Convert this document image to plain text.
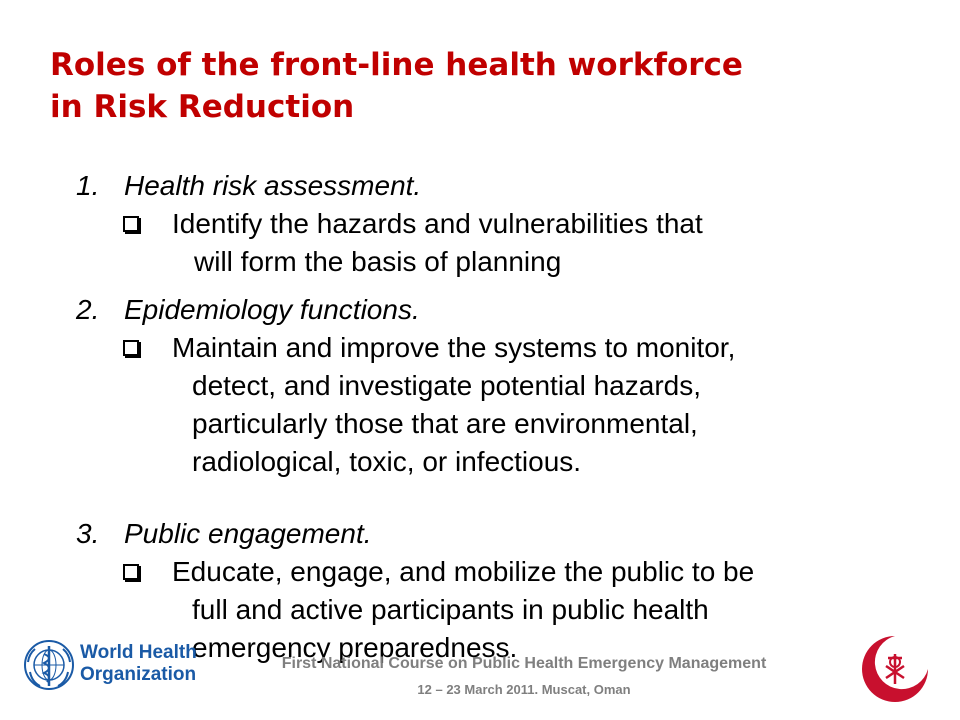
Roles of the front-line health workforce
in Risk Reduction
1. Health risk assessment.
Identify the hazards and vulnerabilities that
will form the basis of planning
2. Epidemiology functions.
Maintain and improve the systems to monitor,
detect, and investigate potential hazards,
particularly those that are environmental,
radiological, toxic, or infectious.
3. Public engagement.
Educate, engage, and mobilize the public to be
full and active participants in public health
emergency preparedness.
First National Course on Public Health Emergency Management
12 – 23 March 2011. Muscat, Oman
World Health
Organization
